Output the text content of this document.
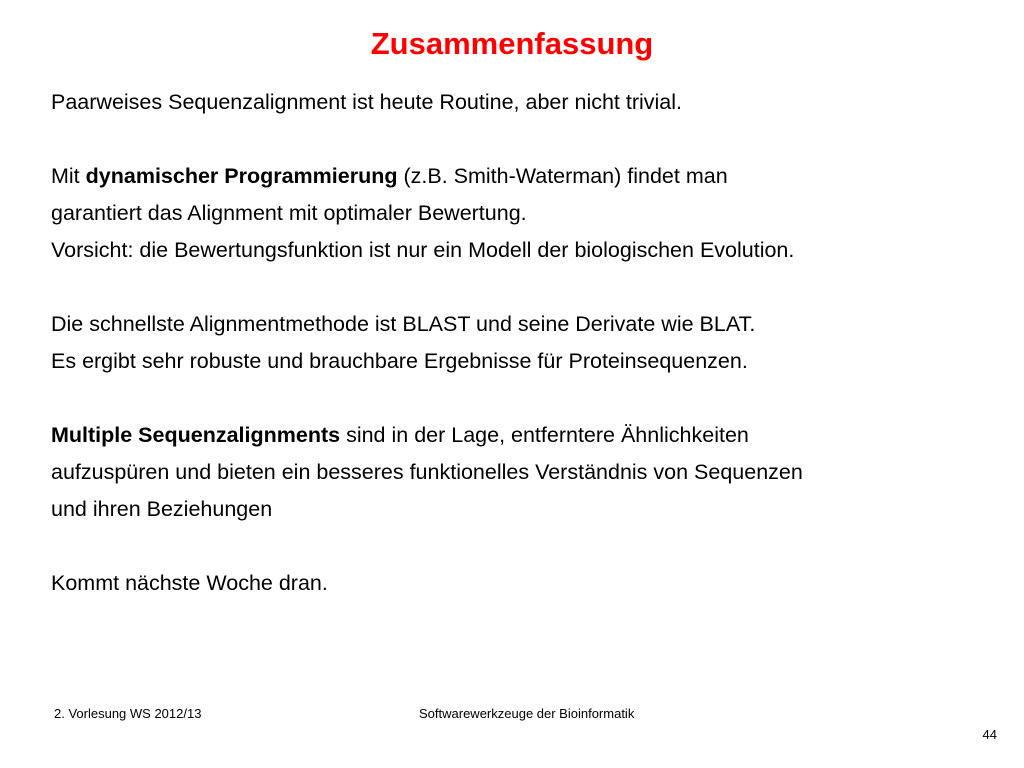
Zusammenfassung
Paarweises Sequenzalignment ist heute Routine, aber nicht trivial.
Mit dynamischer Programmierung (z.B. Smith-Waterman) findet man
garantiert das Alignment mit optimaler Bewertung.
Vorsicht: die Bewertungsfunktion ist nur ein Modell der biologischen Evolution.
Die schnellste Alignmentmethode ist BLAST und seine Derivate wie BLAT.
Es ergibt sehr robuste und brauchbare Ergebnisse für Proteinsequenzen.
Multiple Sequenzalignments sind in der Lage, entferntere Ähnlichkeiten
aufzuspüren und bieten ein besseres funktionelles Verständnis von Sequenzen
und ihren Beziehungen
Kommt nächste Woche dran.
2. Vorlesung WS 2012/13	Softwarewerkzeuge der Bioinformatik
44
